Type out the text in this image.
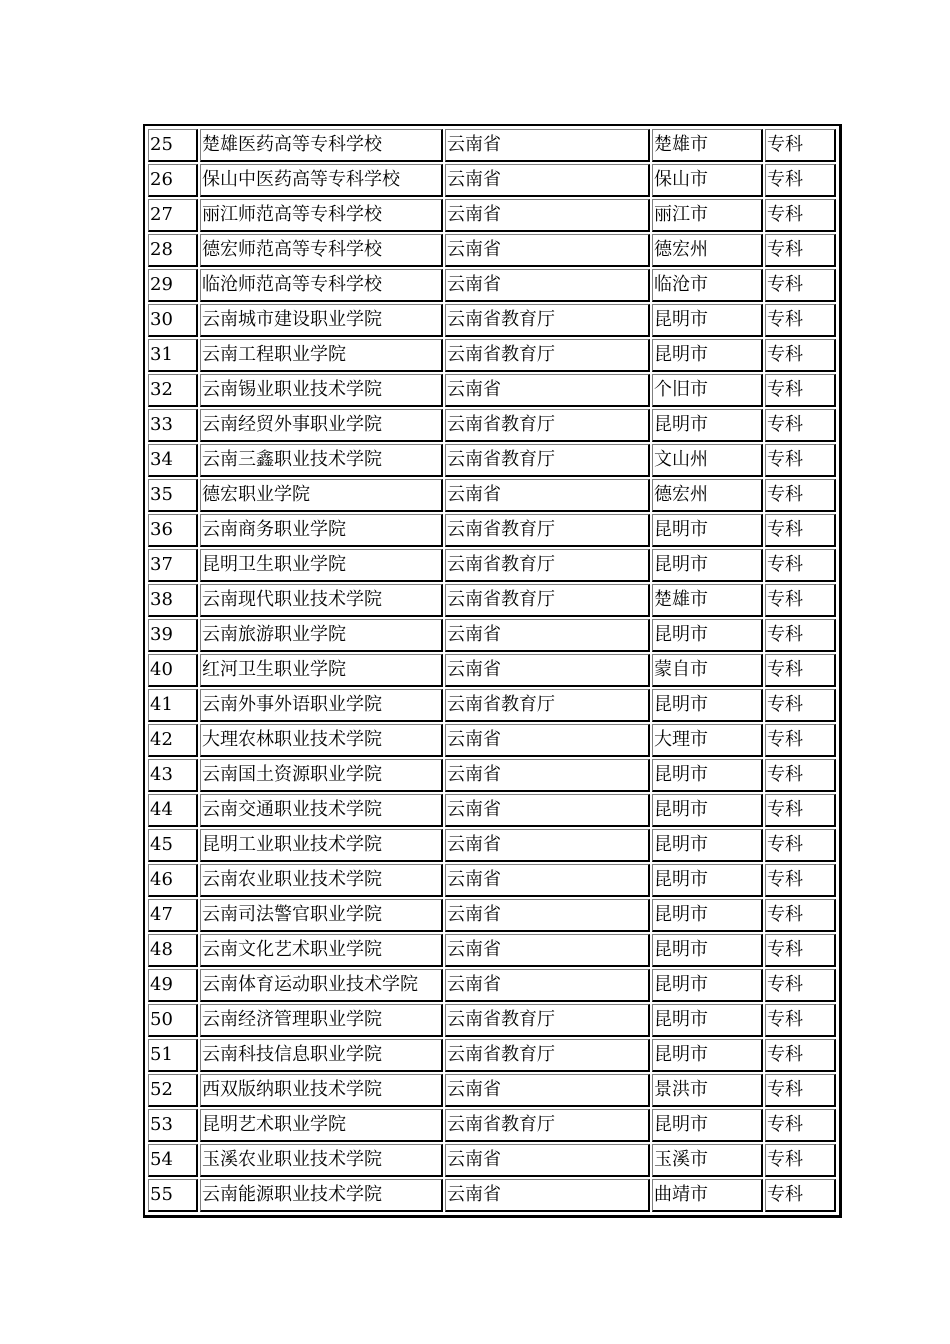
25	楚雄医药高等专科学校	云南省	楚雄市	专科
26	保山中医药高等专科学校	云南省	保山市	专科
27	丽江师范高等专科学校	云南省	丽江市	专科
28	德宏师范高等专科学校	云南省	德宏州	专科
29	临沧师范高等专科学校	云南省	临沧市	专科
30	云南城市建设职业学院	云南省教育厅	昆明市	专科
31	云南工程职业学院	云南省教育厅	昆明市	专科
32	云南锡业职业技术学院	云南省	个旧市	专科
33	云南经贸外事职业学院	云南省教育厅	昆明市	专科
34	云南三鑫职业技术学院	云南省教育厅	文山州	专科
35	德宏职业学院	云南省	德宏州	专科
36	云南商务职业学院	云南省教育厅	昆明市	专科
37	昆明卫生职业学院	云南省教育厅	昆明市	专科
38	云南现代职业技术学院	云南省教育厅	楚雄市	专科
39	云南旅游职业学院	云南省	昆明市	专科
40	红河卫生职业学院	云南省	蒙自市	专科
41	云南外事外语职业学院	云南省教育厅	昆明市	专科
42	大理农林职业技术学院	云南省	大理市	专科
43	云南国土资源职业学院	云南省	昆明市	专科
44	云南交通职业技术学院	云南省	昆明市	专科
45	昆明工业职业技术学院	云南省	昆明市	专科
46	云南农业职业技术学院	云南省	昆明市	专科
47	云南司法警官职业学院	云南省	昆明市	专科
48	云南文化艺术职业学院	云南省	昆明市	专科
49	云南体育运动职业技术学院	云南省	昆明市	专科
50	云南经济管理职业学院	云南省教育厅	昆明市	专科
51	云南科技信息职业学院	云南省教育厅	昆明市	专科
52	西双版纳职业技术学院	云南省	景洪市	专科
53	昆明艺术职业学院	云南省教育厅	昆明市	专科
54	玉溪农业职业技术学院	云南省	玉溪市	专科
55	云南能源职业技术学院	云南省	曲靖市	专科
